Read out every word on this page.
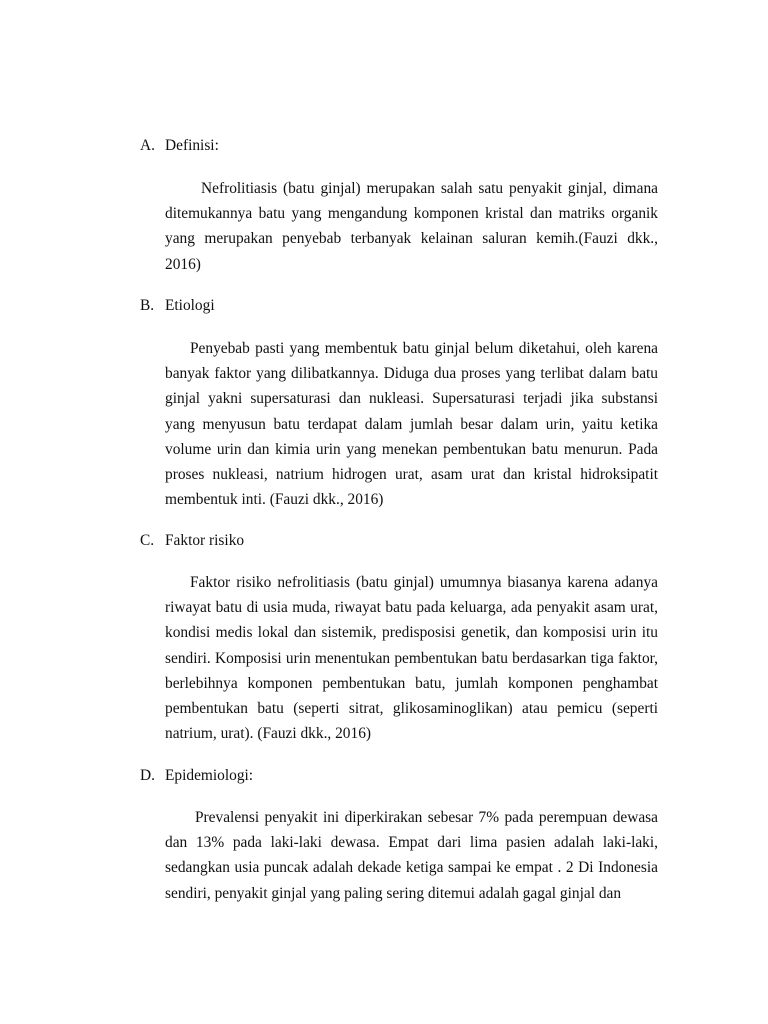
A. Definisi:

Nefrolitiasis (batu ginjal) merupakan salah satu penyakit ginjal, dimana ditemukannya batu yang mengandung komponen kristal dan matriks organik yang merupakan penyebab terbanyak kelainan saluran kemih.(Fauzi dkk., 2016)

B. Etiologi

Penyebab pasti yang membentuk batu ginjal belum diketahui, oleh karena banyak faktor yang dilibatkannya. Diduga dua proses yang terlibat dalam batu ginjal yakni supersaturasi dan nukleasi. Supersaturasi terjadi jika substansi yang menyusun batu terdapat dalam jumlah besar dalam urin, yaitu ketika volume urin dan kimia urin yang menekan pembentukan batu menurun. Pada proses nukleasi, natrium hidrogen urat, asam urat dan kristal hidroksipatit membentuk inti. (Fauzi dkk., 2016)

C. Faktor risiko

Faktor risiko nefrolitiasis (batu ginjal) umumnya biasanya karena adanya riwayat batu di usia muda, riwayat batu pada keluarga, ada penyakit asam urat, kondisi medis lokal dan sistemik, predisposisi genetik, dan komposisi urin itu sendiri. Komposisi urin menentukan pembentukan batu berdasarkan tiga faktor, berlebihnya komponen pembentukan batu, jumlah komponen penghambat pembentukan batu (seperti sitrat, glikosaminoglikan) atau pemicu (seperti natrium, urat). (Fauzi dkk., 2016)

D. Epidemiologi:

Prevalensi penyakit ini diperkirakan sebesar 7% pada perempuan dewasa dan 13% pada laki-laki dewasa. Empat dari lima pasien adalah laki-laki, sedangkan usia puncak adalah dekade ketiga sampai ke empat . 2 Di Indonesia sendiri, penyakit ginjal yang paling sering ditemui adalah gagal ginjal dan
